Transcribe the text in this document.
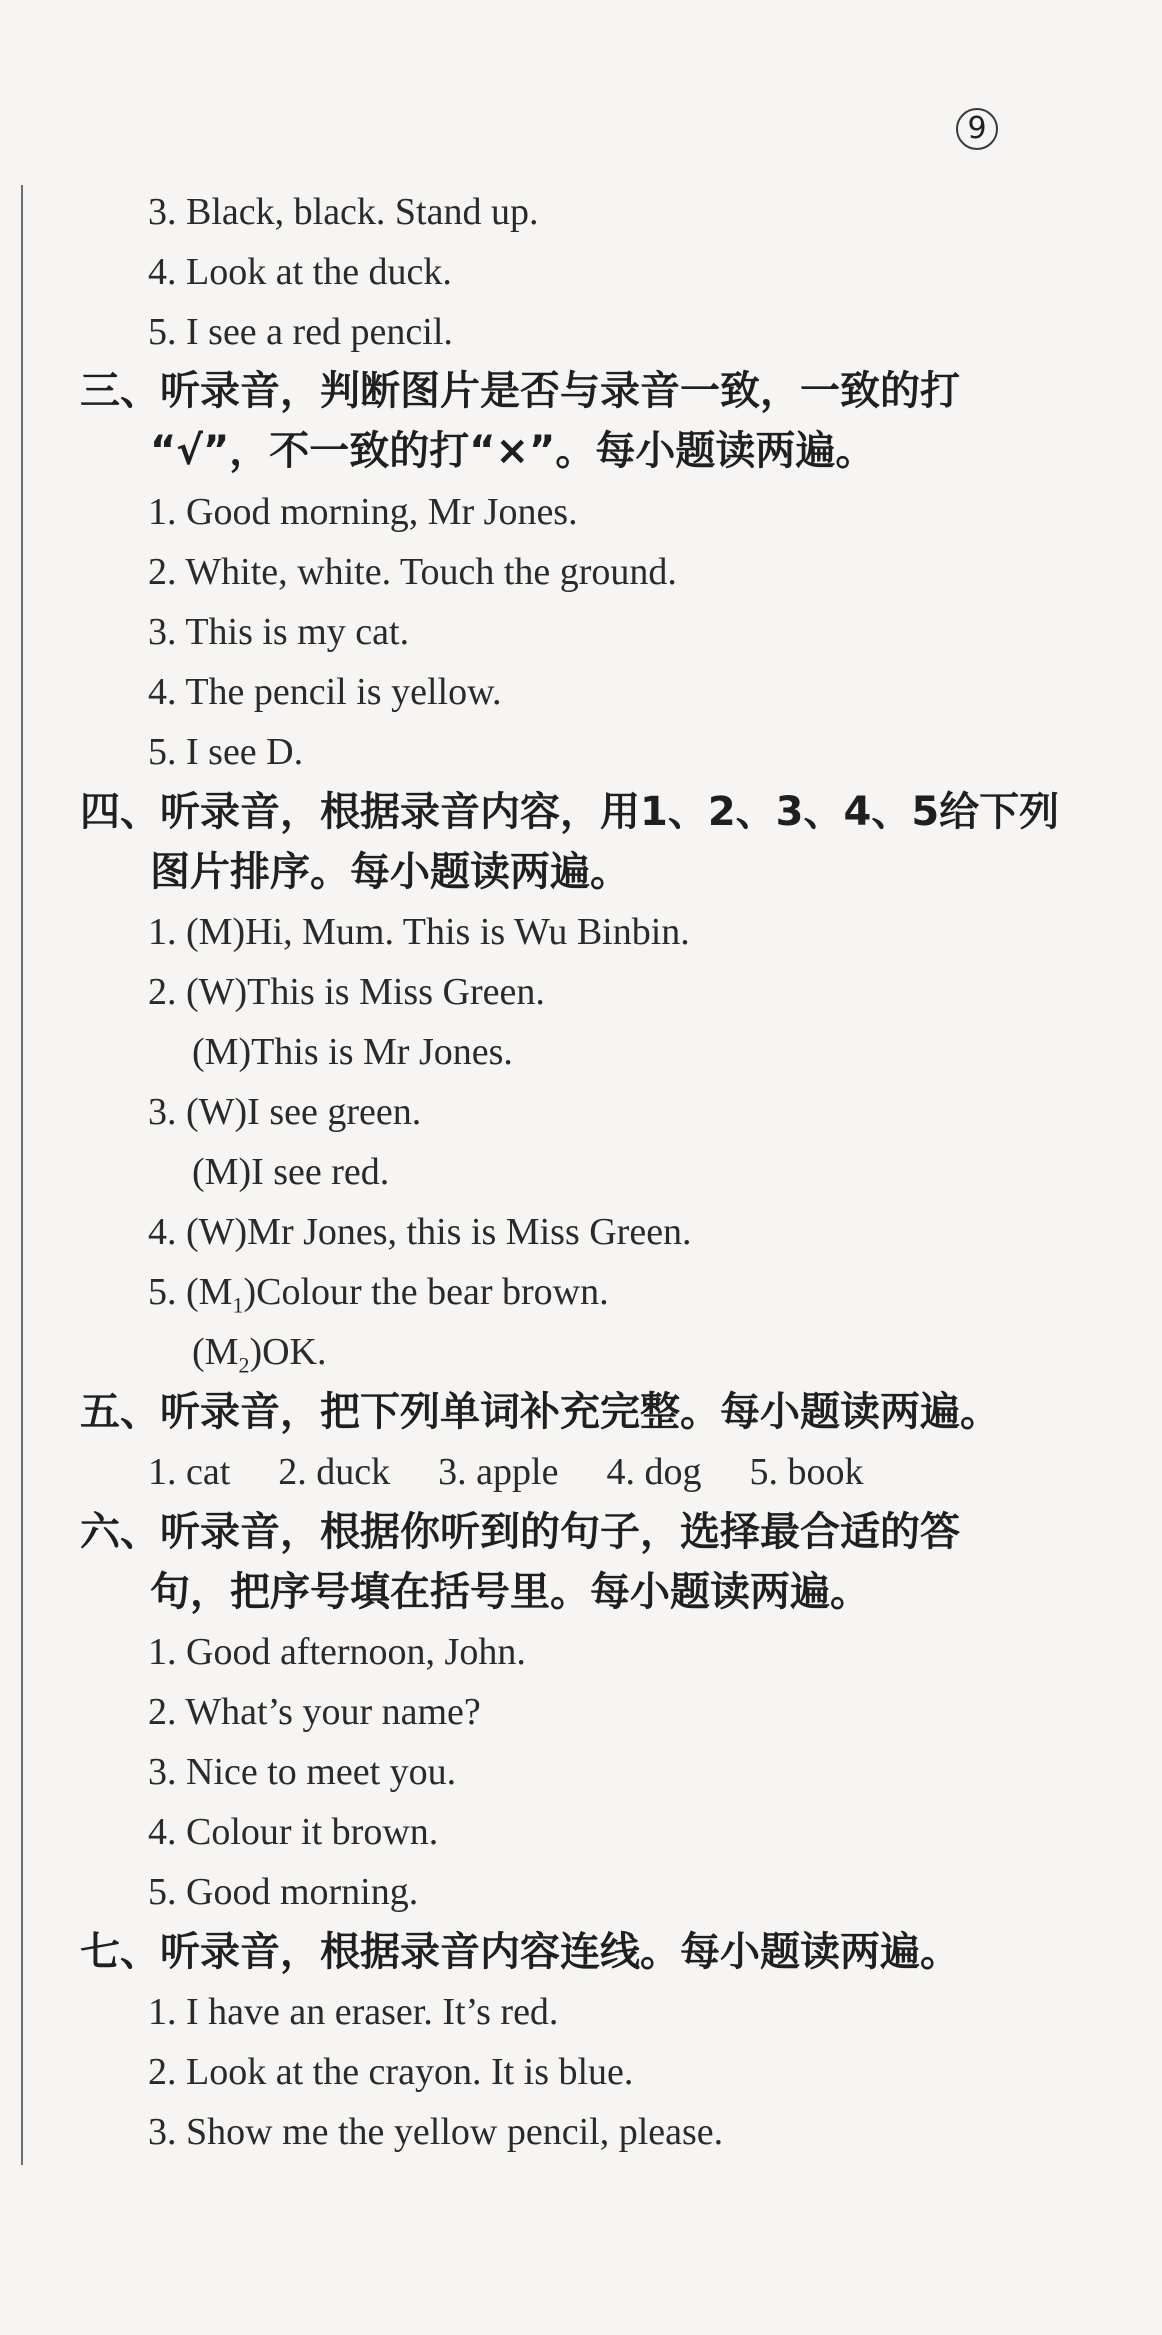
9
3. Black, black. Stand up.
4. Look at the duck.
5. I see a red pencil.
三、听录音，判断图片是否与录音一致，一致的打
“√”，不一致的打“×”。每小题读两遍。
1. Good morning, Mr Jones.
2. White, white. Touch the ground.
3. This is my cat.
4. The pencil is yellow.
5. I see D.
四、听录音，根据录音内容，用1、2、3、4、5给下列
图片排序。每小题读两遍。
1. (M)Hi, Mum. This is Wu Binbin.
2. (W)This is Miss Green.
(M)This is Mr Jones.
3. (W)I see green.
(M)I see red.
4. (W)Mr Jones, this is Miss Green.
5. $(M_1)Colour$ the bear brown.
$(M_2)OK$.
五、听录音，把下列单词补充完整。每小题读两遍。
1. cat 2. duck 3. apple 4. dog 5. book
六、听录音，根据你听到的句子，选择最合适的答
句，把序号填在括号里。每小题读两遍。
1. Good afternoon, John.
2. What’s your name?
3. Nice to meet you.
4. Colour it brown.
5. Good morning.
七、听录音，根据录音内容连线。每小题读两遍。
1. I have an eraser. It’s red.
2. Look at the crayon. It is blue.
3. Show me the yellow pencil, please.
